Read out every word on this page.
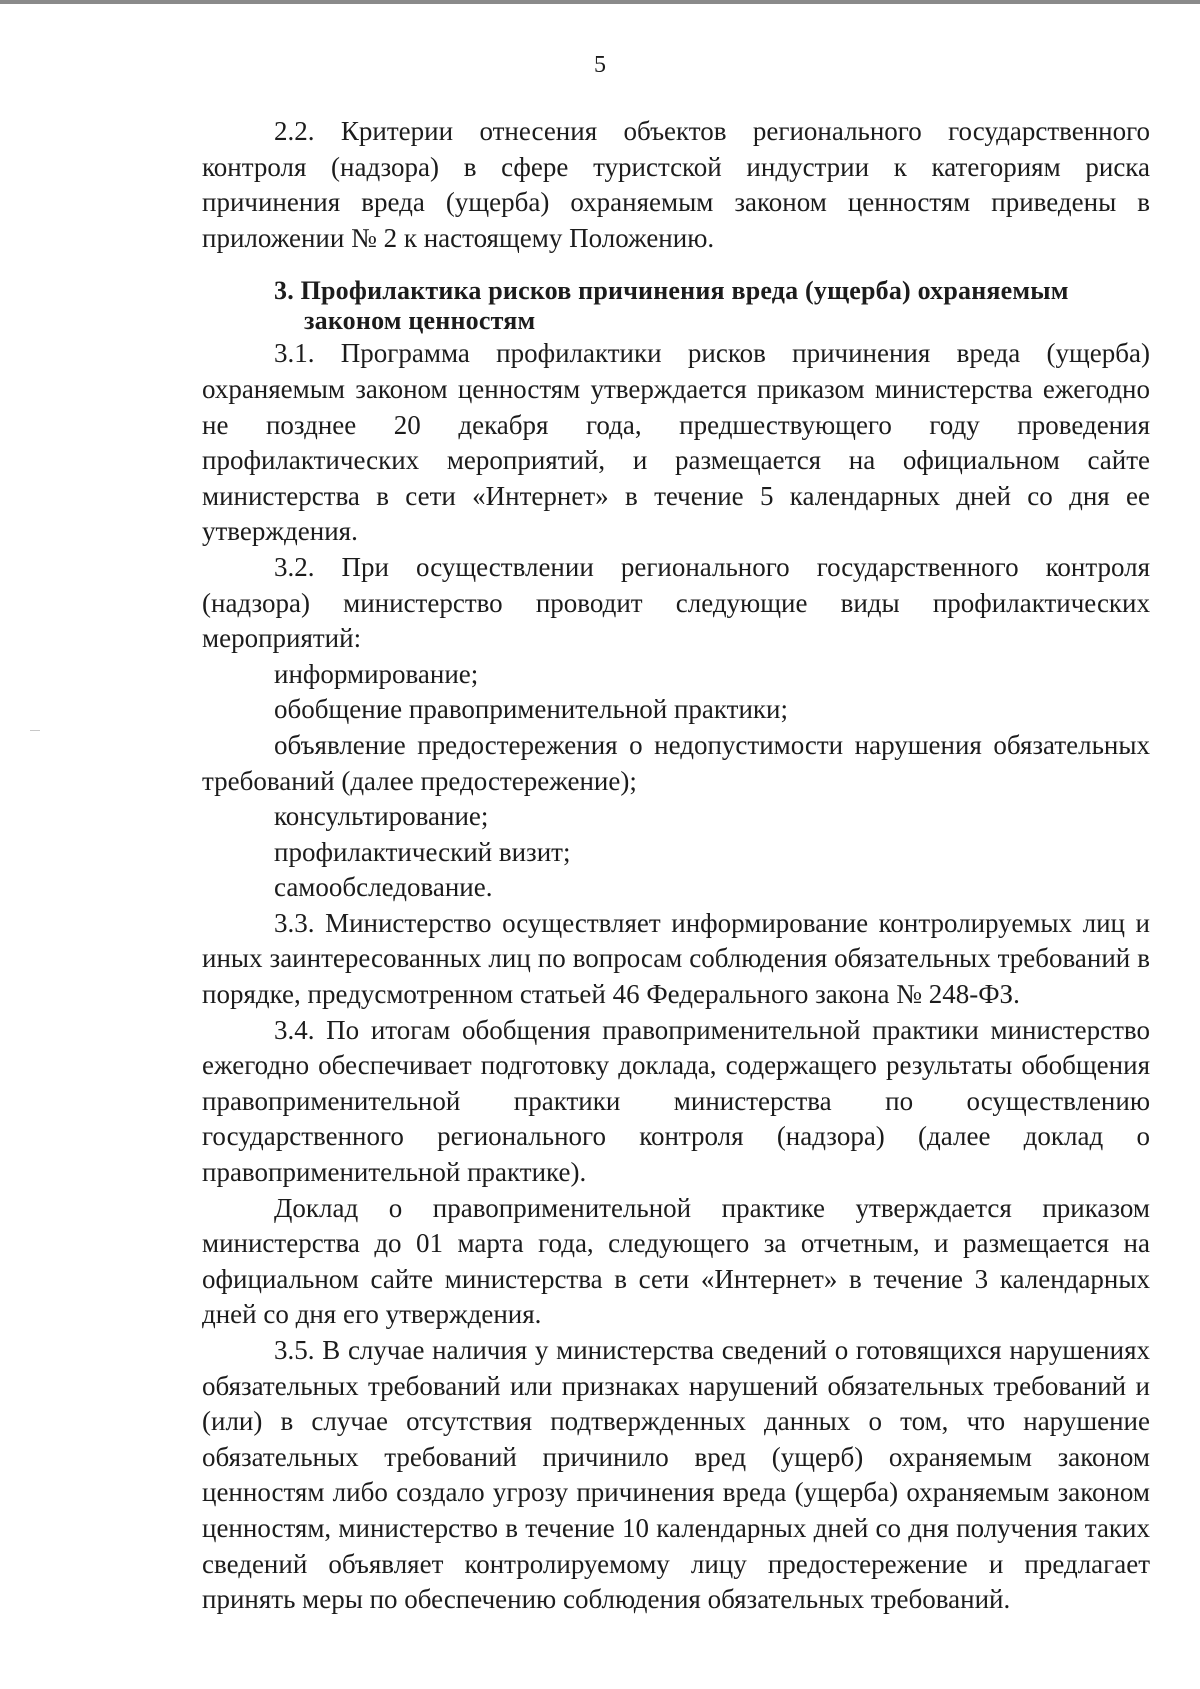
5

2.2. Критерии отнесения объектов регионального государственного контроля (надзора) в сфере туристской индустрии к категориям риска причинения вреда (ущерба) охраняемым законом ценностям приведены в приложении № 2 к настоящему Положению.

3. Профилактика рисков причинения вреда (ущерба) охраняемым
законом ценностям

3.1. Программа профилактики рисков причинения вреда (ущерба) охраняемым законом ценностям утверждается приказом министерства ежегодно не позднее 20 декабря года, предшествующего году проведения профилактических мероприятий, и размещается на официальном сайте министерства в сети «Интернет» в течение 5 календарных дней со дня ее утверждения.

3.2. При осуществлении регионального государственного контроля (надзора) министерство проводит следующие виды профилактических мероприятий:

информирование;

обобщение правоприменительной практики;

объявление предостережения о недопустимости нарушения обязательных требований (далее предостережение);

консультирование;

профилактический визит;

самообследование.

3.3. Министерство осуществляет информирование контролируемых лиц и иных заинтересованных лиц по вопросам соблюдения обязательных требований в порядке, предусмотренном статьей 46 Федерального закона № 248-ФЗ.

3.4. По итогам обобщения правоприменительной практики министерство ежегодно обеспечивает подготовку доклада, содержащего результаты обобщения правоприменительной практики министерства по осуществлению государственного регионального контроля (надзора) (далее доклад о правоприменительной практике).

Доклад о правоприменительной практике утверждается приказом министерства до 01 марта года, следующего за отчетным, и размещается на официальном сайте министерства в сети «Интернет» в течение 3 календарных дней со дня его утверждения.

3.5. В случае наличия у министерства сведений о готовящихся нарушениях обязательных требований или признаках нарушений обязательных требований и (или) в случае отсутствия подтвержденных данных о том, что нарушение обязательных требований причинило вред (ущерб) охраняемым законом ценностям либо создало угрозу причинения вреда (ущерба) охраняемым законом ценностям, министерство в течение 10 календарных дней со дня получения таких сведений объявляет контролируемому лицу предостережение и предлагает принять меры по обеспечению соблюдения обязательных требований.
